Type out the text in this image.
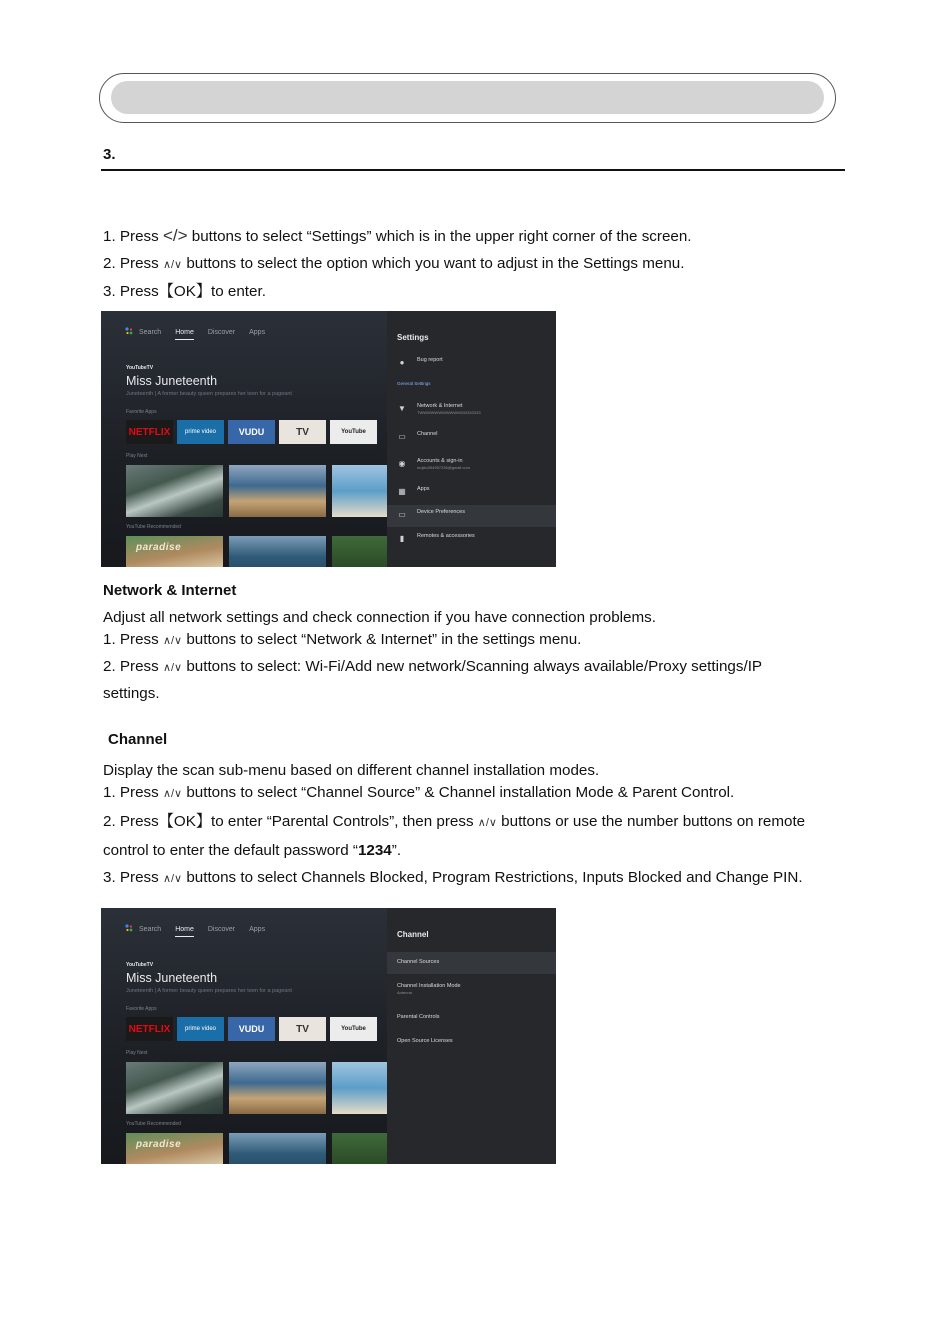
3.
1. Press </> buttons to select “Settings” which is in the upper right corner of the screen.
2. Press ∧/∨ buttons to select the option which you want to adjust in the Settings menu.
3. Press【OK】to enter.
Search Home Discover Apps
YouTubeTV
Miss Juneteenth
Juneteenth | A former beauty queen prepares her teen for a pageant
Favorite Apps
NETFLIX	prime video	VUDU	TV	YouTube
Play Next
YouTube Recommended
paradise
Settings
●	Bug report
General Settings
▼ Network & Internet
TWWWWWWWWWWM333333333
▭ Channel
◉ Accounts & sign-in
mojito394957236@gmail.com
▦ Apps
▭ Device Preferences
▮	Remotes & accessories
Network & Internet
Adjust all network settings and check connection if you have connection problems.
1. Press ∧/∨ buttons to select “Network & Internet” in the settings menu.
2. Press ∧/∨ buttons to select: Wi-Fi/Add new network/Scanning always available/Proxy settings/IP
settings.
Channel
Display the scan sub-menu based on different channel installation modes.
1. Press ∧/∨ buttons to select “Channel Source” & Channel installation Mode & Parent Control.
2. Press【OK】to enter “Parental Controls”, then press ∧/∨ buttons or use the number buttons on remote
control to enter the default password “1234”.
3. Press ∧/∨ buttons to select Channels Blocked, Program Restrictions, Inputs Blocked and Change PIN.
Search Home Discover Apps
YouTubeTV
Miss Juneteenth
Juneteenth | A former beauty queen prepares her teen for a pageant
Favorite Apps
NETFLIX	prime video	VUDU	TV	YouTube
Play Next
YouTube Recommended
paradise
Channel
Channel Sources
Channel Installation Mode
Antenna
Parental Controls
Open Source Licenses
